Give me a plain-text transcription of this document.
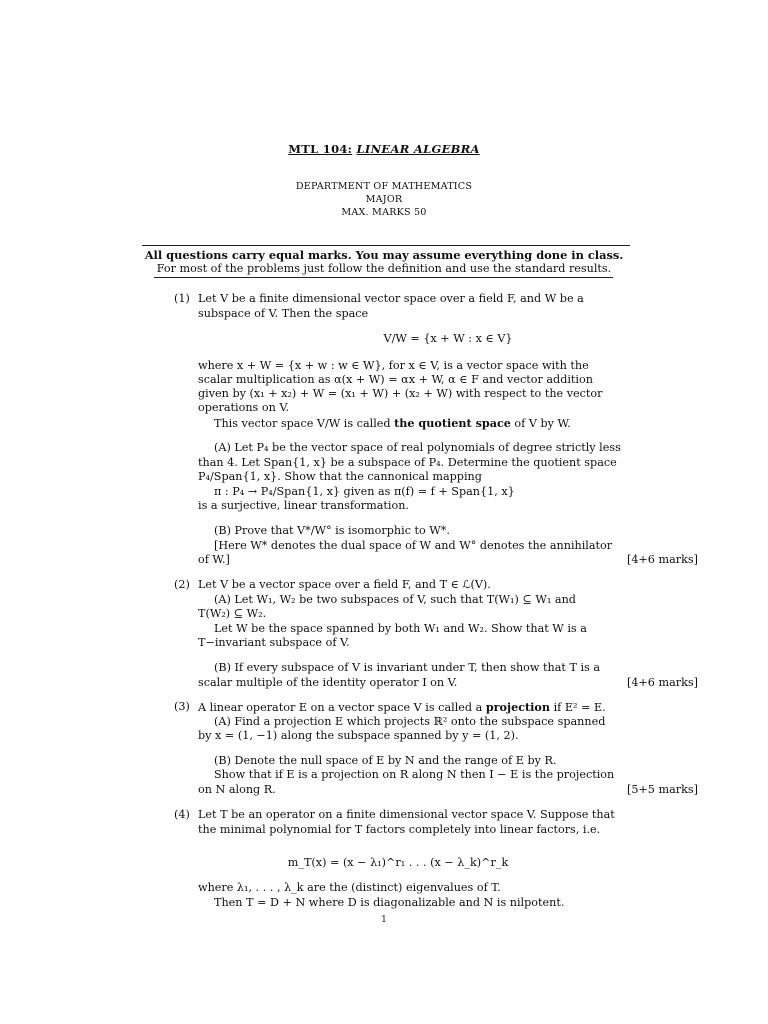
MTL 104: LINEAR ALGEBRA
DEPARTMENT OF MATHEMATICS
MAJOR
MAX. MARKS 50
All questions carry equal marks. You may assume everything done in class.
For most of the problems just follow the definition and use the standard results.
(1) Let V be a finite dimensional vector space over a field F, and W be a
subspace of V. Then the space
V/W = {x + W : x ∈ V}
where x + W = {x + w : w ∈ W}, for x ∈ V, is a vector space with the
scalar multiplication as α(x + W) = αx + W, α ∈ F and vector addition
given by (x₁ + x₂) + W = (x₁ + W) + (x₂ + W) with respect to the vector
operations on V.
This vector space V/W is called the quotient space of V by W.
(A) Let P₄ be the vector space of real polynomials of degree strictly less
than 4. Let Span{1, x} be a subspace of P₄. Determine the quotient space
P₄/Span{1, x}. Show that the cannonical mapping
π : P₄ → P₄/Span{1, x} given as π(f) = f + Span{1, x}
is a surjective, linear transformation.
(B) Prove that V*/W° is isomorphic to W*.
[Here W* denotes the dual space of W and W° denotes the annihilator
of W.]	[4+6 marks]
(2) Let V be a vector space over a field F, and T ∈ ℒ(V).
(A) Let W₁, W₂ be two subspaces of V, such that T(W₁) ⊆ W₁ and
T(W₂) ⊆ W₂.
Let W be the space spanned by both W₁ and W₂. Show that W is a
T−invariant subspace of V.
(B) If every subspace of V is invariant under T, then show that T is a
scalar multiple of the identity operator I on V.	[4+6 marks]
(3) A linear operator E on a vector space V is called a projection if E² = E.
(A) Find a projection E which projects ℝ² onto the subspace spanned
by x = (1, −1) along the subspace spanned by y = (1, 2).
(B) Denote the null space of E by N and the range of E by R.
Show that if E is a projection on R along N then I − E is the projection
on N along R.	[5+5 marks]
(4) Let T be an operator on a finite dimensional vector space V. Suppose that
the minimal polynomial for T factors completely into linear factors, i.e.
m_T(x) = (x − λ₁)^r₁ . . . (x − λ_k)^r_k
where λ₁, . . . , λ_k are the (distinct) eigenvalues of T.
Then T = D + N where D is diagonalizable and N is nilpotent.
1
